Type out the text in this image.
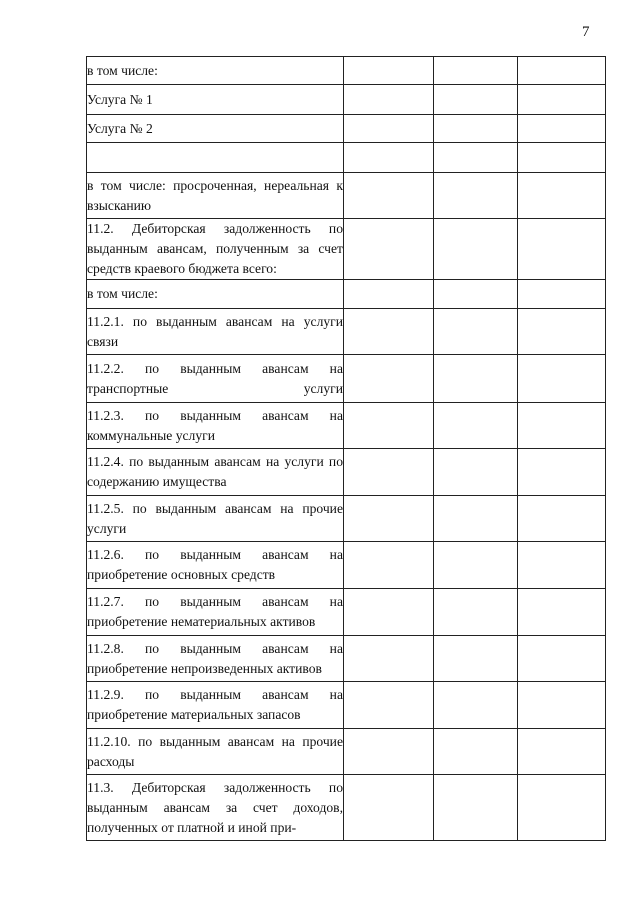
7
в том числе:			

Услуга № 1			

Услуга № 2			

в том числе: просроченная, нереальная к взысканию			

11.2. Дебиторская задолженность по выданным авансам, полученным за счет средств краевого бюджета всего:			

в том числе:			

11.2.1. по выданным авансам на услуги связи			

11.2.2. по выданным авансам на транспортные услуги			

11.2.3. по выданным авансам на коммунальные услуги			

11.2.4. по выданным авансам на услуги по содержанию имущества			

11.2.5. по выданным авансам на прочие услуги			

11.2.6. по выданным авансам на приобретение основных средств			

11.2.7. по выданным авансам на приобретение нематериальных активов			

11.2.8. по выданным авансам на приобретение непроизведенных активов			

11.2.9. по выданным авансам на приобретение материальных запасов			

11.2.10. по выданным авансам на прочие расходы			

11.3. Дебиторская задолженность по выданным авансам за счет доходов, полученных от платной и иной при-			
